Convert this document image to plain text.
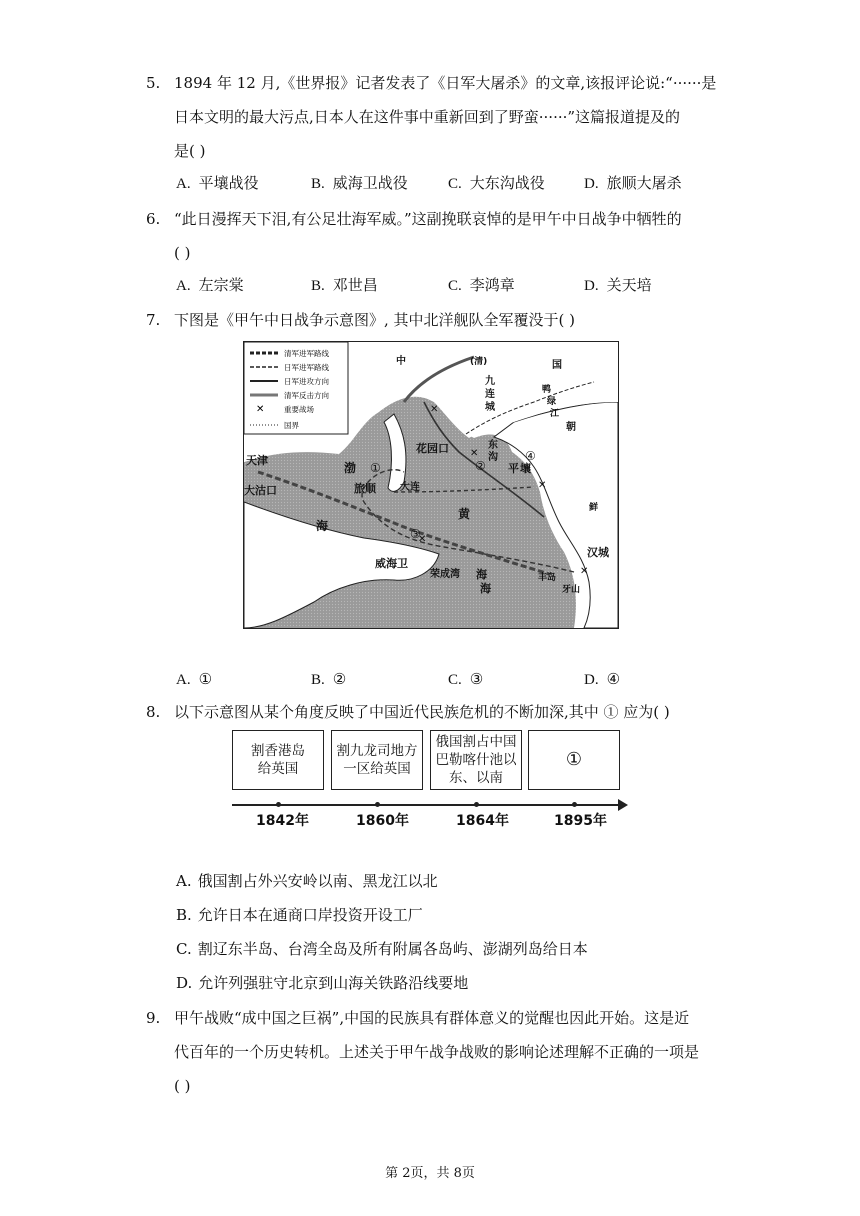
5. 1894 年 12 月,《世界报》记者发表了《日军大屠杀》的文章,该报评论说:“······是
日本文明的最大污点,日本人在这件事中重新回到了野蛮······”这篇报道提及的
是( )
A. 平壤战役	B. 威海卫战役	C. 大东沟战役	D. 旅顺大屠杀
6. “此日漫挥天下泪,有公足壮海军威。”这副挽联哀悼的是甲午中日战争中牺牲的
( )
A. 左宗棠	B. 邓世昌	C. 李鸿章	D. 关天培
7. 下图是《甲午中日战争示意图》, 其中北洋舰队全军覆没于( )
✕
清军进军路线
日军进军路线
日军进攻方向
清军反击方向
重要战场
国界
中	(清)	国
九
连
城
鸭
绿
江
朝
花园口	东
沟
天津
大沽口
渤
海
旅顺 大连
黄
海
平 壤
鲜
汉城
威海卫
荣成湾
海
丰岛
牙山
①	②
③
④
✕
✕
✕
✕
✕
A. ①	B. ②	C. ③	D. ④
8. 以下示意图从某个角度反映了中国近代民族危机的不断加深,其中 ① 应为( )
割香港岛
给英国
割九龙司地方
一区给英国
俄国割占中国
巴勒喀什池以
东、以南
①
1842年	1860年	1864年	1895年
A. 俄国割占外兴安岭以南、黑龙江以北
B. 允许日本在通商口岸投资开设工厂
C. 割辽东半岛、台湾全岛及所有附属各岛屿、澎湖列岛给日本
D. 允许列强驻守北京到山海关铁路沿线要地
9. 甲午战败“成中国之巨祸”,中国的民族具有群体意义的觉醒也因此开始。这是近
代百年的一个历史转机。上述关于甲午战争战败的影响论述理解不正确的一项是
( )
第 2页，共 8页
